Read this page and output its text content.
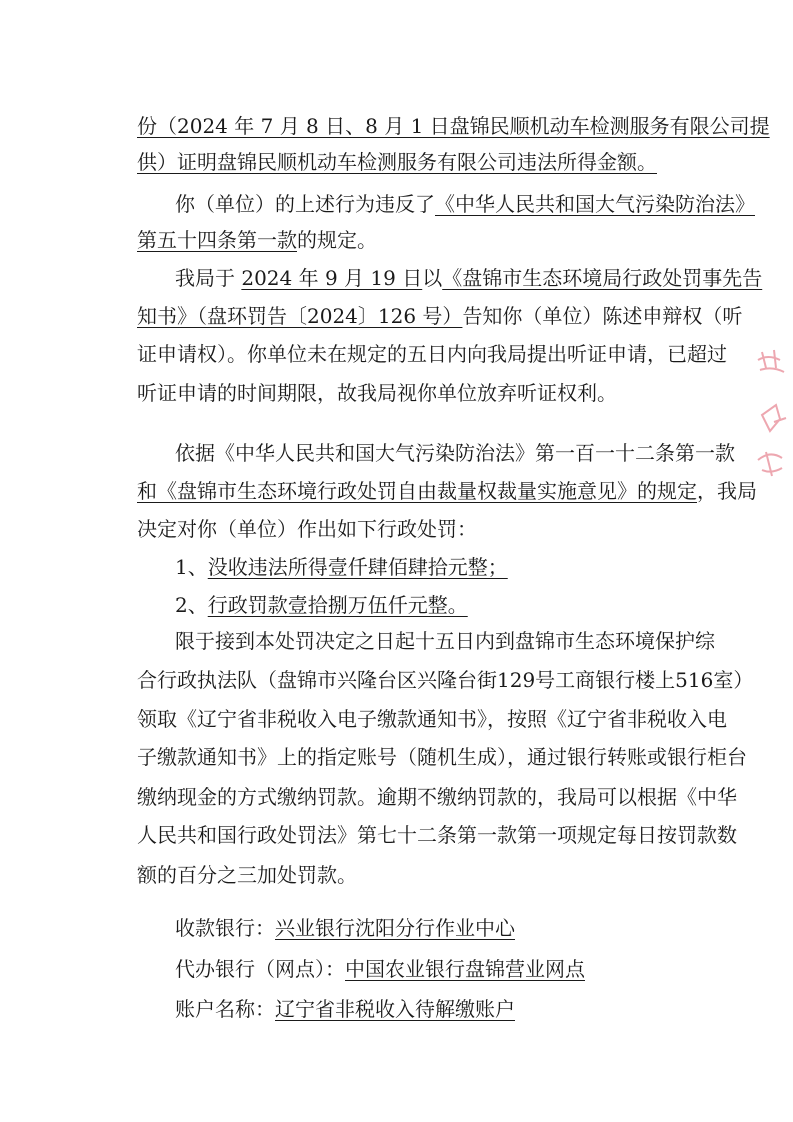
份（2024 年 7 月 8 日、8 月 1 日盘锦民顺机动车检测服务有限公司提
供）证明盘锦民顺机动车检测服务有限公司违法所得金额。
你（单位）的上述行为违反了《中华人民共和国大气污染防治法》
第五十四条第一款的规定。
我局于 2024 年 9 月 19 日以《盘锦市生态环境局行政处罚事先告
知书》（盘环罚告〔2024〕126 号）告知你（单位）陈述申辩权（听
证申请权）。你单位未在规定的五日内向我局提出听证申请，已超过
听证申请的时间期限，故我局视你单位放弃听证权利。
依据《中华人民共和国大气污染防治法》第一百一十二条第一款
和《盘锦市生态环境行政处罚自由裁量权裁量实施意见》的规定，我局
决定对你（单位）作出如下行政处罚：
1、没收违法所得壹仟肆佰肆拾元整；
2、行政罚款壹拾捌万伍仟元整。
限于接到本处罚决定之日起十五日内到盘锦市生态环境保护综
合行政执法队（盘锦市兴隆台区兴隆台街129号工商银行楼上516室）
领取《辽宁省非税收入电子缴款通知书》，按照《辽宁省非税收入电
子缴款通知书》上的指定账号（随机生成），通过银行转账或银行柜台
缴纳现金的方式缴纳罚款。逾期不缴纳罚款的，我局可以根据《中华
人民共和国行政处罚法》第七十二条第一款第一项规定每日按罚款数
额的百分之三加处罚款。
收款银行：兴业银行沈阳分行作业中心
代办银行（网点）：中国农业银行盘锦营业网点
账户名称：辽宁省非税收入待解缴账户
